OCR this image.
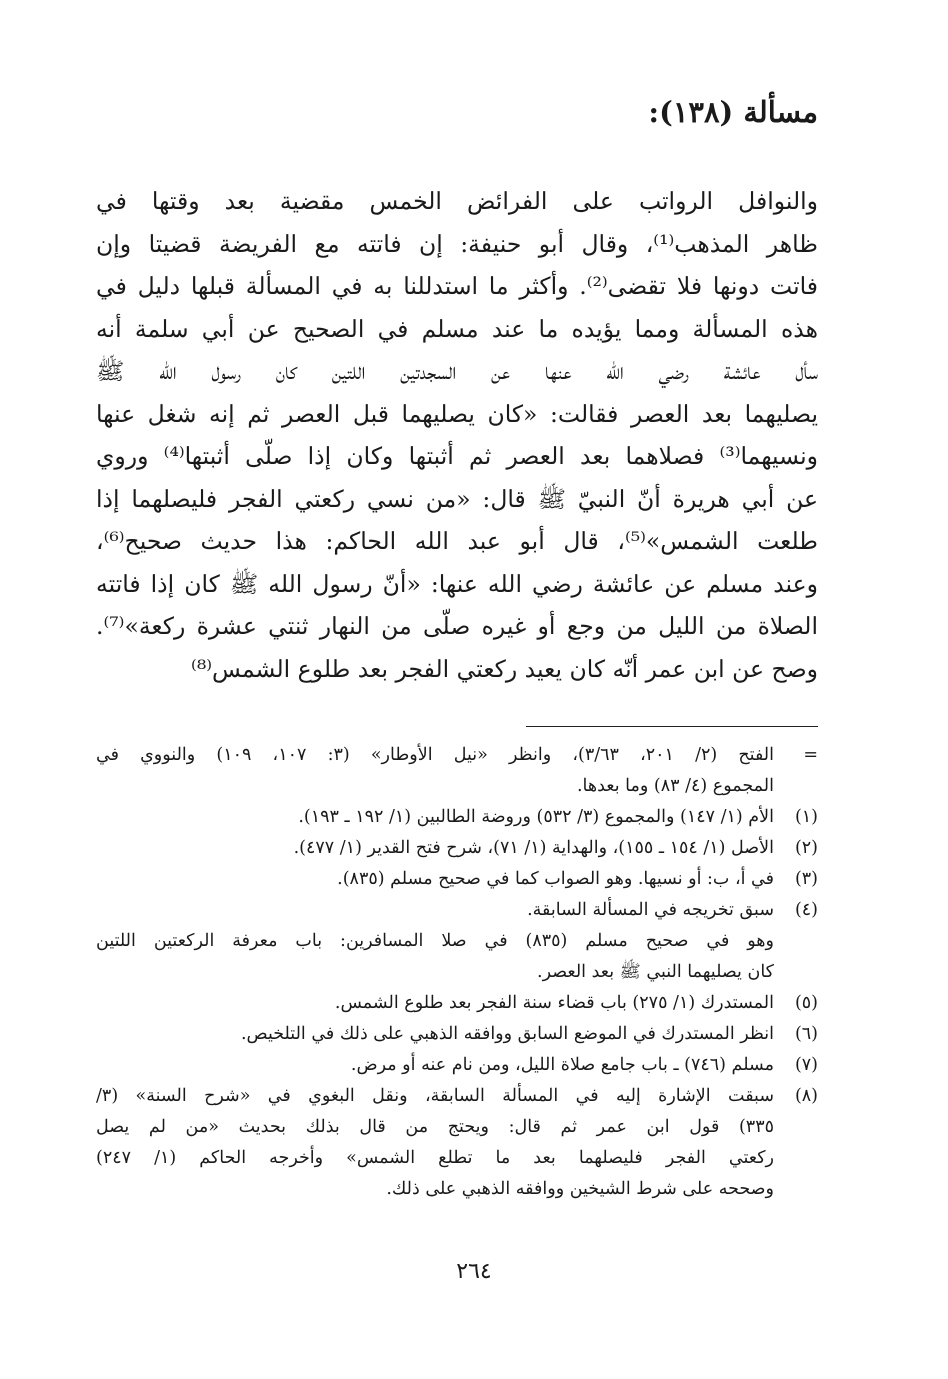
مسألة (١٣٨):
والنوافل الرواتب على الفرائض الخمس مقضية بعد وقتها في
ظاهر المذهب⁽¹⁾، وقال أبو حنيفة: إن فاتته مع الفريضة قضيتا وإن
فاتت دونها فلا تقضى⁽²⁾. وأكثر ما استدللنا به في المسألة قبلها دليل في
هذه المسألة ومما يؤيده ما عند مسلم في الصحيح عن أبي سلمة أنه
سأل عائشة رضي الله عنها عن السجدتين اللتين كان رسول الله ﷺ
يصليهما بعد العصر فقالت: «كان يصليهما قبل العصر ثم إنه شغل عنها
ونسيهما⁽³⁾ فصلاهما بعد العصر ثم أثبتها وكان إذا صلّى أثبتها⁽⁴⁾ وروي
عن أبي هريرة أنّ النبيّ ﷺ قال: «من نسي ركعتي الفجر فليصلهما إذا
طلعت الشمس»⁽⁵⁾، قال أبو عبد الله الحاكم: هذا حديث صحيح⁽⁶⁾،
وعند مسلم عن عائشة رضي الله عنها: «أنّ رسول الله ﷺ كان إذا فاتته
الصلاة من الليل من وجع أو غيره صلّى من النهار ثنتي عشرة ركعة»⁽⁷⁾.
وصح عن ابن عمر أنّه كان يعيد ركعتي الفجر بعد طلوع الشمس⁽⁸⁾
=
الفتح (٢/ ٢٠١، ٣/٦٣)، وانظر «نيل الأوطار» (٣: ١٠٧، ١٠٩) والنووي في
المجموع (٤/ ٨٣) وما بعدها.
(١)
الأم (١/ ١٤٧) والمجموع (٣/ ٥٣٢) وروضة الطالبين (١/ ١٩٢ ـ ١٩٣).
(٢)
الأصل (١/ ١٥٤ ـ ١٥٥)، والهداية (١/ ٧١)، شرح فتح القدير (١/ ٤٧٧).
(٣)
في أ، ب: أو نسيها. وهو الصواب كما في صحيح مسلم (٨٣٥).
(٤)
سبق تخريجه في المسألة السابقة.
وهو في صحيح مسلم (٨٣٥) في صلا المسافرين: باب معرفة الركعتين اللتين
كان يصليهما النبي ﷺ بعد العصر.
(٥)
المستدرك (١/ ٢٧٥) باب قضاء سنة الفجر بعد طلوع الشمس.
(٦)
انظر المستدرك في الموضع السابق ووافقه الذهبي على ذلك في التلخيص.
(٧)
مسلم (٧٤٦) ـ باب جامع صلاة الليل، ومن نام عنه أو مرض.
(٨)
سبقت الإشارة إليه في المسألة السابقة، ونقل البغوي في «شرح السنة» (٣/
٣٣٥) قول ابن عمر ثم قال: ويحتج من قال بذلك بحديث «من لم يصل
ركعتي الفجر فليصلهما بعد ما تطلع الشمس» وأخرجه الحاكم (١/ ٢٤٧)
وصححه على شرط الشيخين ووافقه الذهبي على ذلك.
٢٦٤
